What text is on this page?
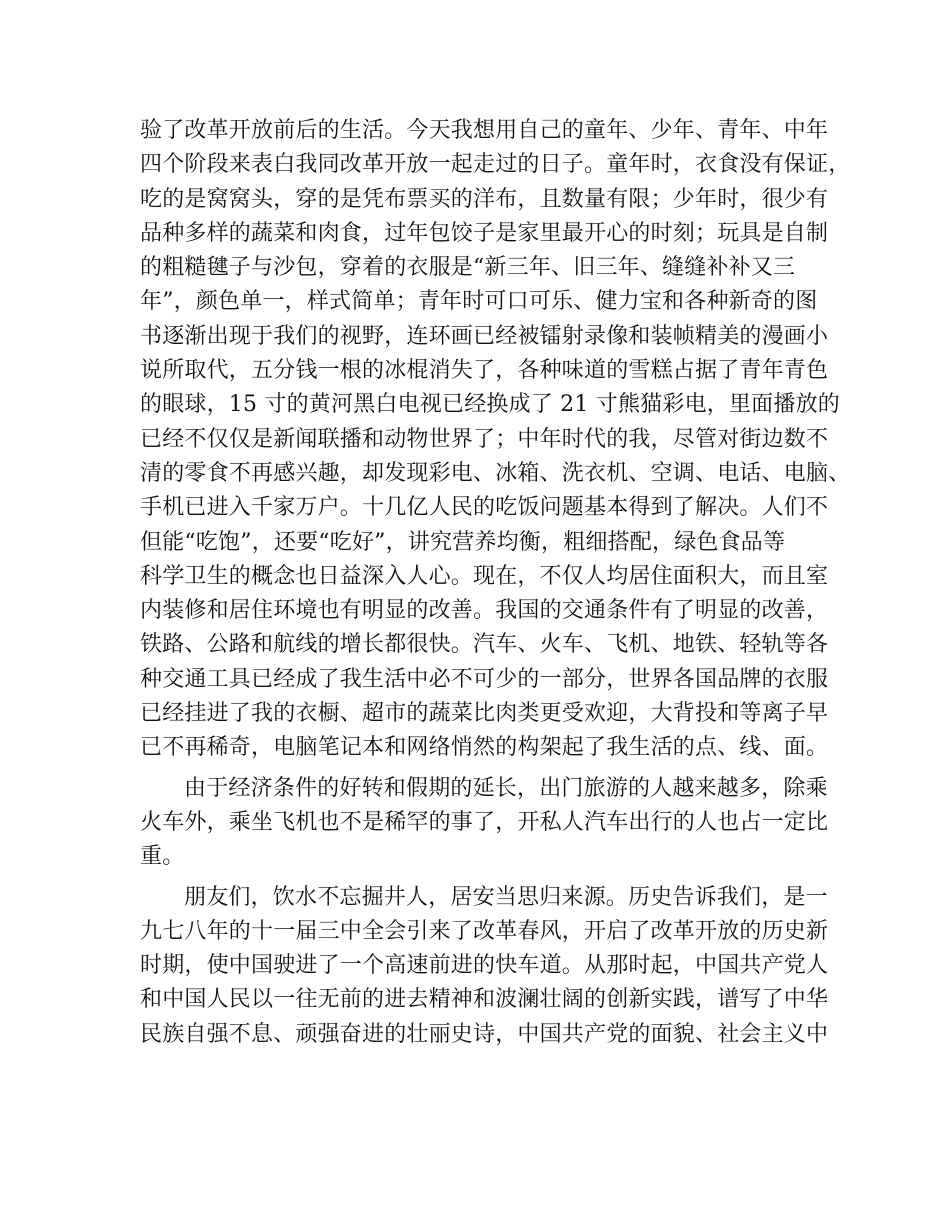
验了改革开放前后的生活。今天我想用自己的童年、少年、青年、中年
四个阶段来表白我同改革开放一起走过的日子。童年时，衣食没有保证，
吃的是窝窝头，穿的是凭布票买的洋布，且数量有限；少年时，很少有
品种多样的蔬菜和肉食，过年包饺子是家里最开心的时刻；玩具是自制
的粗糙毽子与沙包，穿着的衣服是“新三年、旧三年、缝缝补补又三
年”，颜色单一，样式简单；青年时可口可乐、健力宝和各种新奇的图
书逐渐出现于我们的视野，连环画已经被镭射录像和装帧精美的漫画小
说所取代，五分钱一根的冰棍消失了，各种味道的雪糕占据了青年青色
的眼球，15 寸的黄河黑白电视已经换成了 21 寸熊猫彩电，里面播放的
已经不仅仅是新闻联播和动物世界了；中年时代的我，尽管对街边数不
清的零食不再感兴趣，却发现彩电、冰箱、洗衣机、空调、电话、电脑、
手机已进入千家万户。十几亿人民的吃饭问题基本得到了解决。人们不
但能“吃饱”，还要“吃好”，讲究营养均衡，粗细搭配，绿色食品等
科学卫生的概念也日益深入人心。现在，不仅人均居住面积大，而且室
内装修和居住环境也有明显的改善。我国的交通条件有了明显的改善，
铁路、公路和航线的增长都很快。汽车、火车、飞机、地铁、轻轨等各
种交通工具已经成了我生活中必不可少的一部分，世界各国品牌的衣服
已经挂进了我的衣橱、超市的蔬菜比肉类更受欢迎，大背投和等离子早
已不再稀奇，电脑笔记本和网络悄然的构架起了我生活的点、线、面。
由于经济条件的好转和假期的延长，出门旅游的人越来越多，除乘
火车外，乘坐飞机也不是稀罕的事了，开私人汽车出行的人也占一定比
重。
朋友们，饮水不忘掘井人，居安当思归来源。历史告诉我们，是一
九七八年的十一届三中全会引来了改革春风，开启了改革开放的历史新
时期，使中国驶进了一个高速前进的快车道。从那时起，中国共产党人
和中国人民以一往无前的进去精神和波澜壮阔的创新实践，谱写了中华
民族自强不息、顽强奋进的壮丽史诗，中国共产党的面貌、社会主义中
